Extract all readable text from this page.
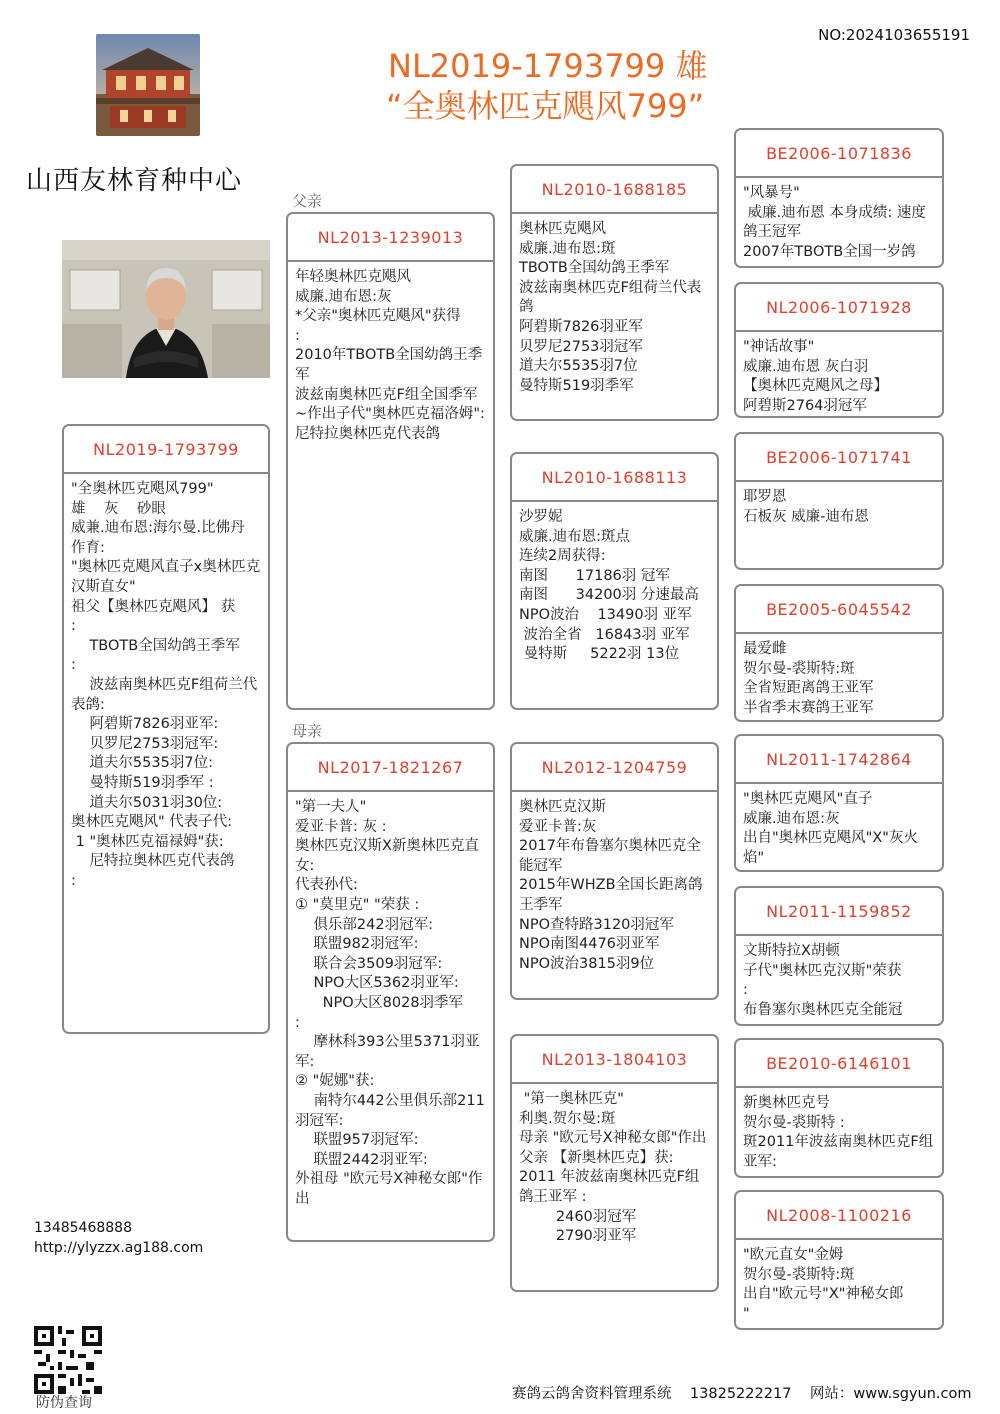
NO:2024103655191
NL2019-1793799 雄
“全奥林匹克飓风799”
山西友林育种中心
父亲
母亲
NL2019-1793799
"全奥林匹克飓风799"
雄    灰    砂眼
威兼.迪布恩:海尔曼.比佛丹
作育:
"奥林匹克飓风直子x奥林匹克汉斯直女"
祖父【奥林匹克飓风】 获
:
TBOTB全国幼鸽王季军
:
波兹南奥林匹克F组荷兰代表鸽:
阿碧斯7826羽亚军:
贝罗尼2753羽冠军:
道夫尔5535羽7位:
曼特斯519羽季军 :
道夫尔5031羽30位:
奥林匹克飓风" 代表子代:
1 "奥林匹克福禄姆"获:
尼特拉奥林匹克代表鸽
:
NL2013-1239013
年轻奥林匹克飓风
威廉.迪布恩:灰
*父亲"奥林匹克飓风"获得
:
2010年TBOTB全国幼鸽王季军
波兹南奥林匹克F组全国季军
~作出子代"奥林匹克福洛姆":
尼特拉奥林匹克代表鸽
NL2017-1821267
"第一夫人"
爱亚卡普: 灰 :
奥林匹克汉斯X新奥林匹克直女:
代表孙代:
① "莫里克" "荣获 :
俱乐部242羽冠军:
联盟982羽冠军:
联合会3509羽冠军:
NPO大区5362羽亚军:
NPO大区8028羽季军
:
摩林科393公里5371羽亚军:
② "妮娜"获:
南特尔442公里俱乐部211羽冠军:
联盟957羽冠军:
联盟2442羽亚军:
外祖母 "欧元号X神秘女郎"作出
NL2010-1688185
奥林匹克飓风
威廉.迪布恩:斑
TBOTB全国幼鸽王季军
波兹南奥林匹克F组荷兰代表鸽
阿碧斯7826羽亚军
贝罗尼2753羽冠军
道夫尔5535羽7位
曼特斯519羽季军
NL2010-1688113
沙罗妮
威廉.迪布恩:斑点
连续2周获得:
南图      17186羽 冠军
南图      34200羽 分速最高
NPO波治    13490羽 亚军
波治全省   16843羽 亚军
曼特斯     5222羽 13位
NL2012-1204759
奥林匹克汉斯
爱亚卡普:灰
2017年布鲁塞尔奥林匹克全能冠军
2015年WHZB全国长距离鸽王季军
NPO查特路3120羽冠军
NPO南图4476羽亚军
NPO波治3815羽9位
NL2013-1804103
"第一奥林匹克"
利奥.贺尔曼:斑
母亲 "欧元号X神秘女郎"作出
父亲 【新奥林匹克】获:
2011 年波兹南奥林匹克F组鸽王亚军 :
2460羽冠军
2790羽亚军
BE2006-1071836
"风暴号"
威廉.迪布恩 本身成绩: 速度鸽王冠军
2007年TBOTB全国一岁鸽
NL2006-1071928
"神话故事"
威廉.迪布恩 灰白羽
【奥林匹克飓风之母】
阿碧斯2764羽冠军
BE2006-1071741
耶罗恩
石板灰 威廉-迪布恩
BE2005-6045542
最爱雌
贺尔曼-裘斯特:斑
全省短距离鸽王亚军
半省季末赛鸽王亚军
NL2011-1742864
"奥林匹克飓风"直子
威廉.迪布恩:灰
出自"奥林匹克飓风"X"灰火焰"
NL2011-1159852
文斯特拉X胡顿
子代"奥林匹克汉斯"荣获
:
布鲁塞尔奥林匹克全能冠
BE2010-6146101
新奥林匹克号
贺尔曼-裘斯特 :
斑2011年波兹南奥林匹克F组亚军:
NL2008-1100216
"欧元直女"金姆
贺尔曼-裘斯特:斑
出自"欧元号"X"神秘女郎
"
13485468888
http://ylyzzx.ag188.com
防伪查询
赛鸽云鸽舍资料管理系统    13825222217    网站：www.sgyun.com
